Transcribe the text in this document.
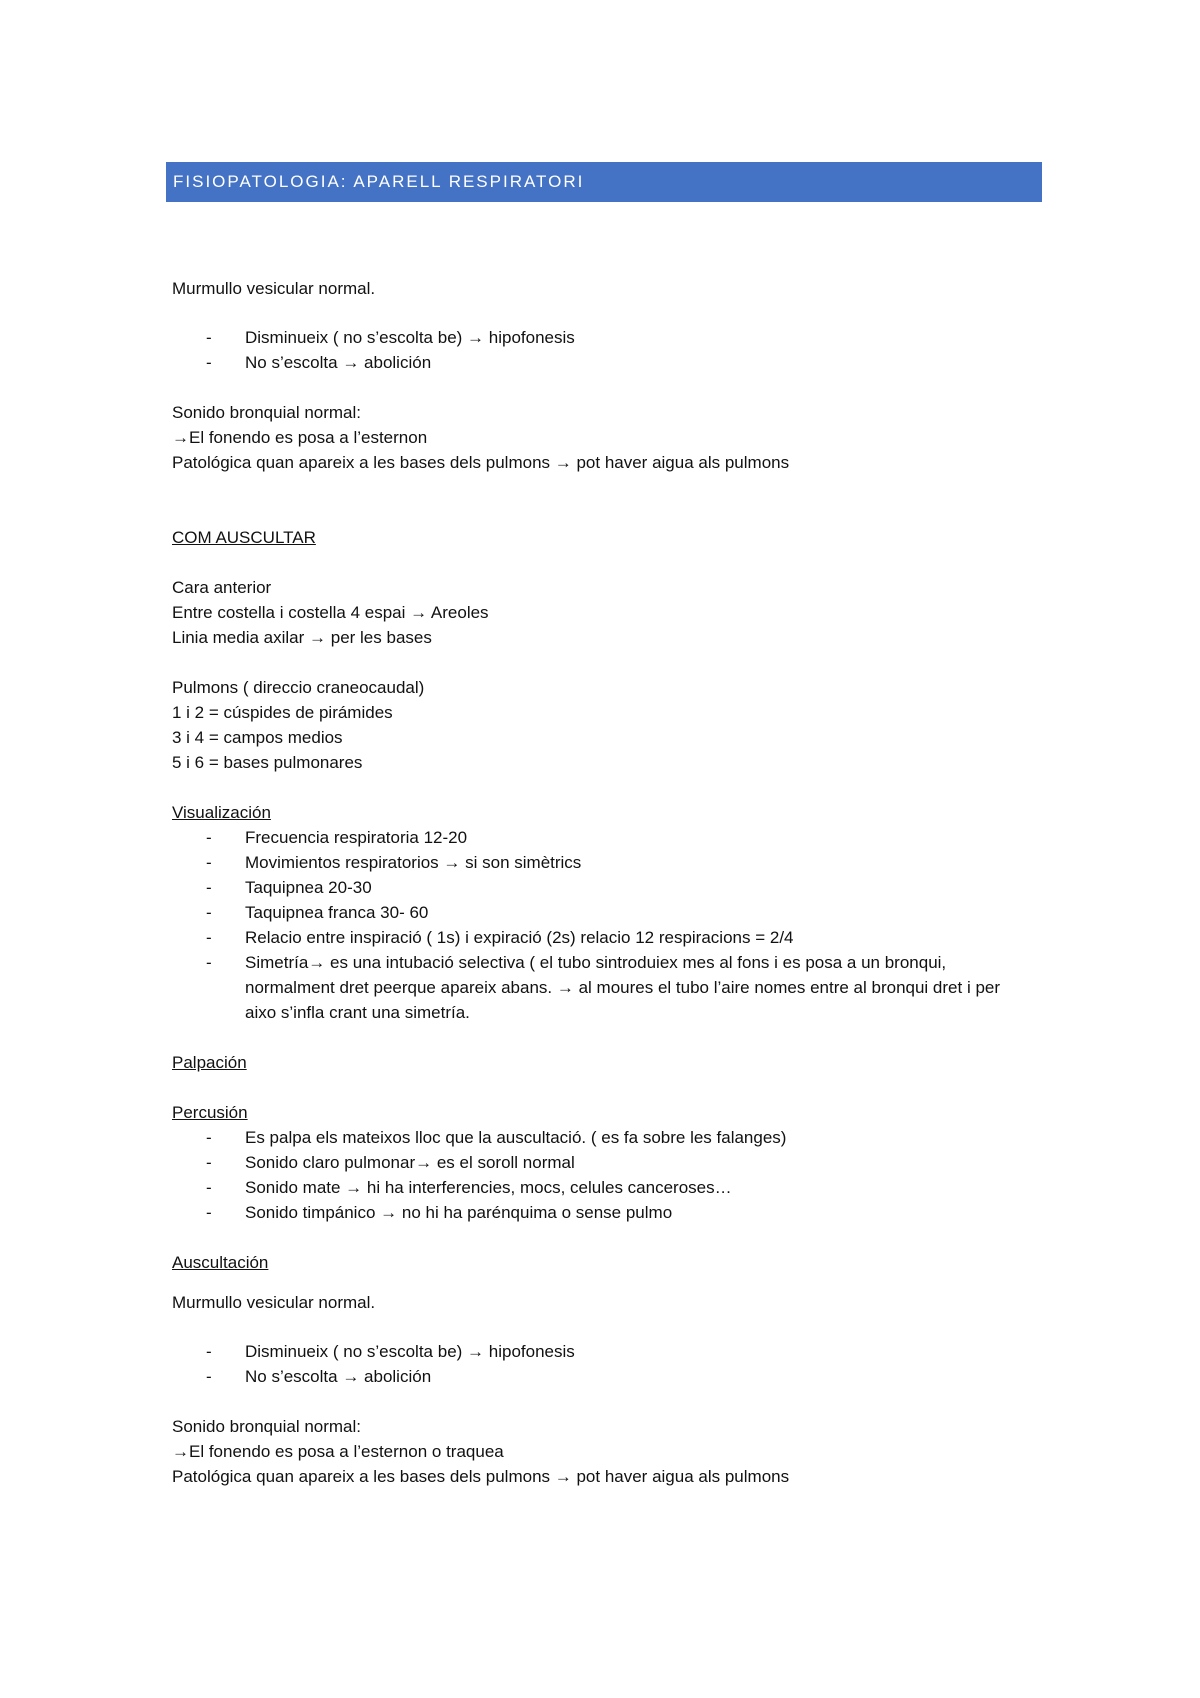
FISIOPATOLOGIA: APARELL RESPIRATORI
Murmullo vesicular normal.
-	Disminueix ( no s’escolta be) → hipofonesis
-	No s’escolta → abolición
Sonido bronquial normal:
→El fonendo es posa a l’esternon
Patológica quan apareix a les bases dels pulmons → pot haver aigua als pulmons
COM AUSCULTAR
Cara anterior
Entre costella i costella 4 espai → Areoles
Linia media axilar → per les bases
Pulmons ( direccio craneocaudal)
1 i 2 = cúspides de pirámides
3 i 4 = campos medios
5 i 6 = bases pulmonares
Visualización
-	Frecuencia respiratoria 12-20
-	Movimientos respiratorios → si son simètrics
-	Taquipnea 20-30
-	Taquipnea franca 30- 60
-	Relacio entre inspiració ( 1s) i expiració (2s) relacio 12 respiracions = 2/4
-	Simetría→ es una intubació selectiva ( el tubo sintroduiex mes al fons i es posa a un bronqui, normalment dret peerque apareix abans. → al moures el tubo l’aire nomes entre al bronqui dret i per aixo s’infla crant una simetría.
Palpación
Percusión
-	Es palpa els mateixos lloc que la auscultació. ( es fa sobre les falanges)
-	Sonido claro pulmonar→ es el soroll normal
-	Sonido mate → hi ha interferencies, mocs, celules canceroses…
-	Sonido timpánico → no hi ha parénquima o sense pulmo
Auscultación
Murmullo vesicular normal.
-	Disminueix ( no s’escolta be) → hipofonesis
-	No s’escolta → abolición
Sonido bronquial normal:
→El fonendo es posa a l’esternon o traquea
Patológica quan apareix a les bases dels pulmons → pot haver aigua als pulmons
